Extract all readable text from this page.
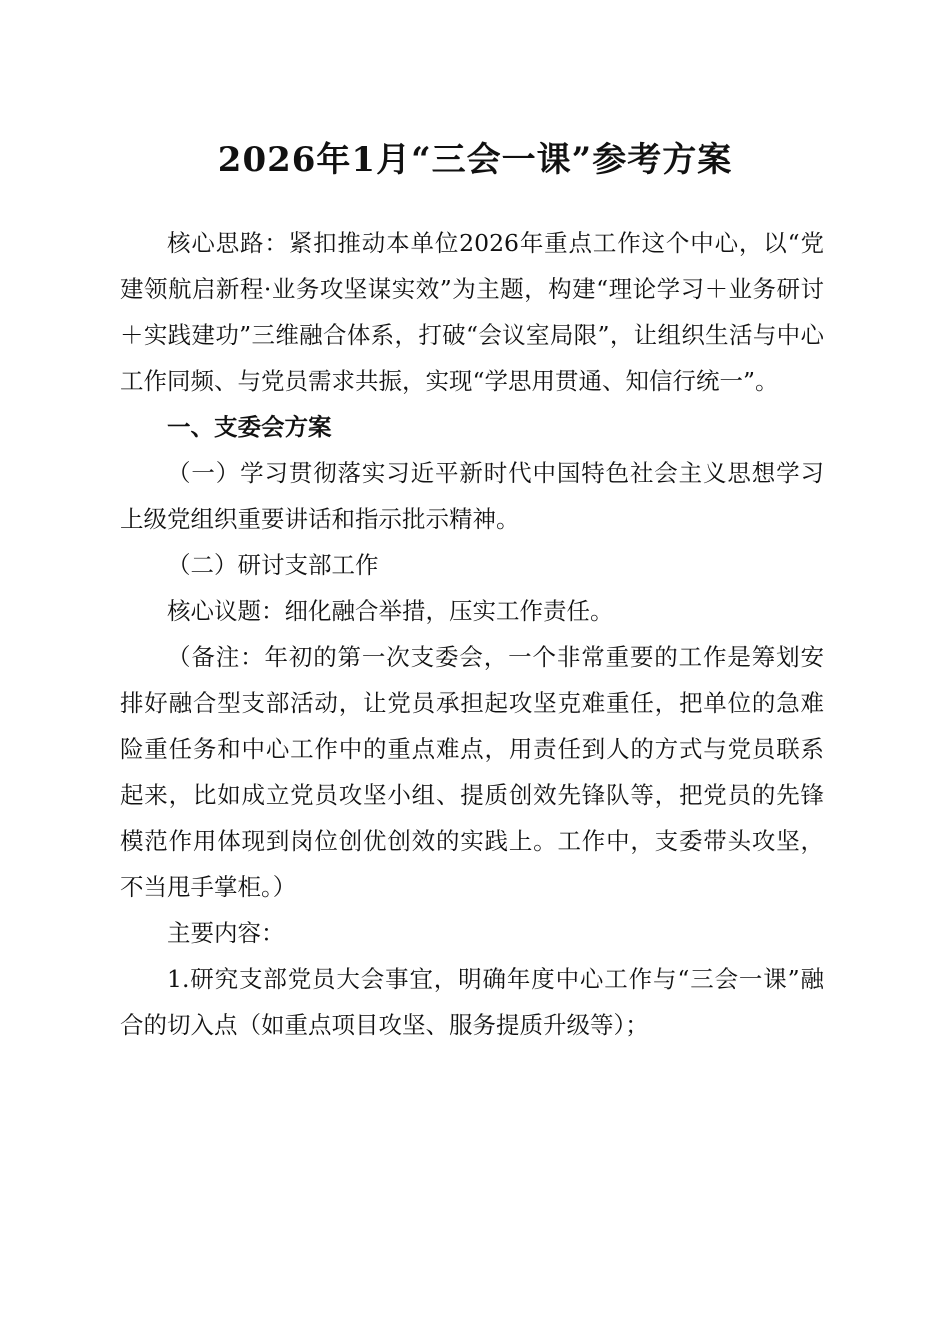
2026年1月“三会一课”参考方案

核心思路：紧扣推动本单位2026年重点工作这个中心，以“党建领航启新程·业务攻坚谋实效”为主题，构建“理论学习＋业务研讨＋实践建功”三维融合体系，打破“会议室局限”，让组织生活与中心工作同频、与党员需求共振，实现“学思用贯通、知信行统一”。

一、支委会方案

（一）学习贯彻落实习近平新时代中国特色社会主义思想学习上级党组织重要讲话和指示批示精神。

（二）研讨支部工作

核心议题：细化融合举措，压实工作责任。

（备注：年初的第一次支委会，一个非常重要的工作是筹划安排好融合型支部活动，让党员承担起攻坚克难重任，把单位的急难险重任务和中心工作中的重点难点，用责任到人的方式与党员联系起来，比如成立党员攻坚小组、提质创效先锋队等，把党员的先锋模范作用体现到岗位创优创效的实践上。工作中，支委带头攻坚，不当甩手掌柜。）

主要内容：

1.研究支部党员大会事宜，明确年度中心工作与“三会一课”融合的切入点（如重点项目攻坚、服务提质升级等）；
